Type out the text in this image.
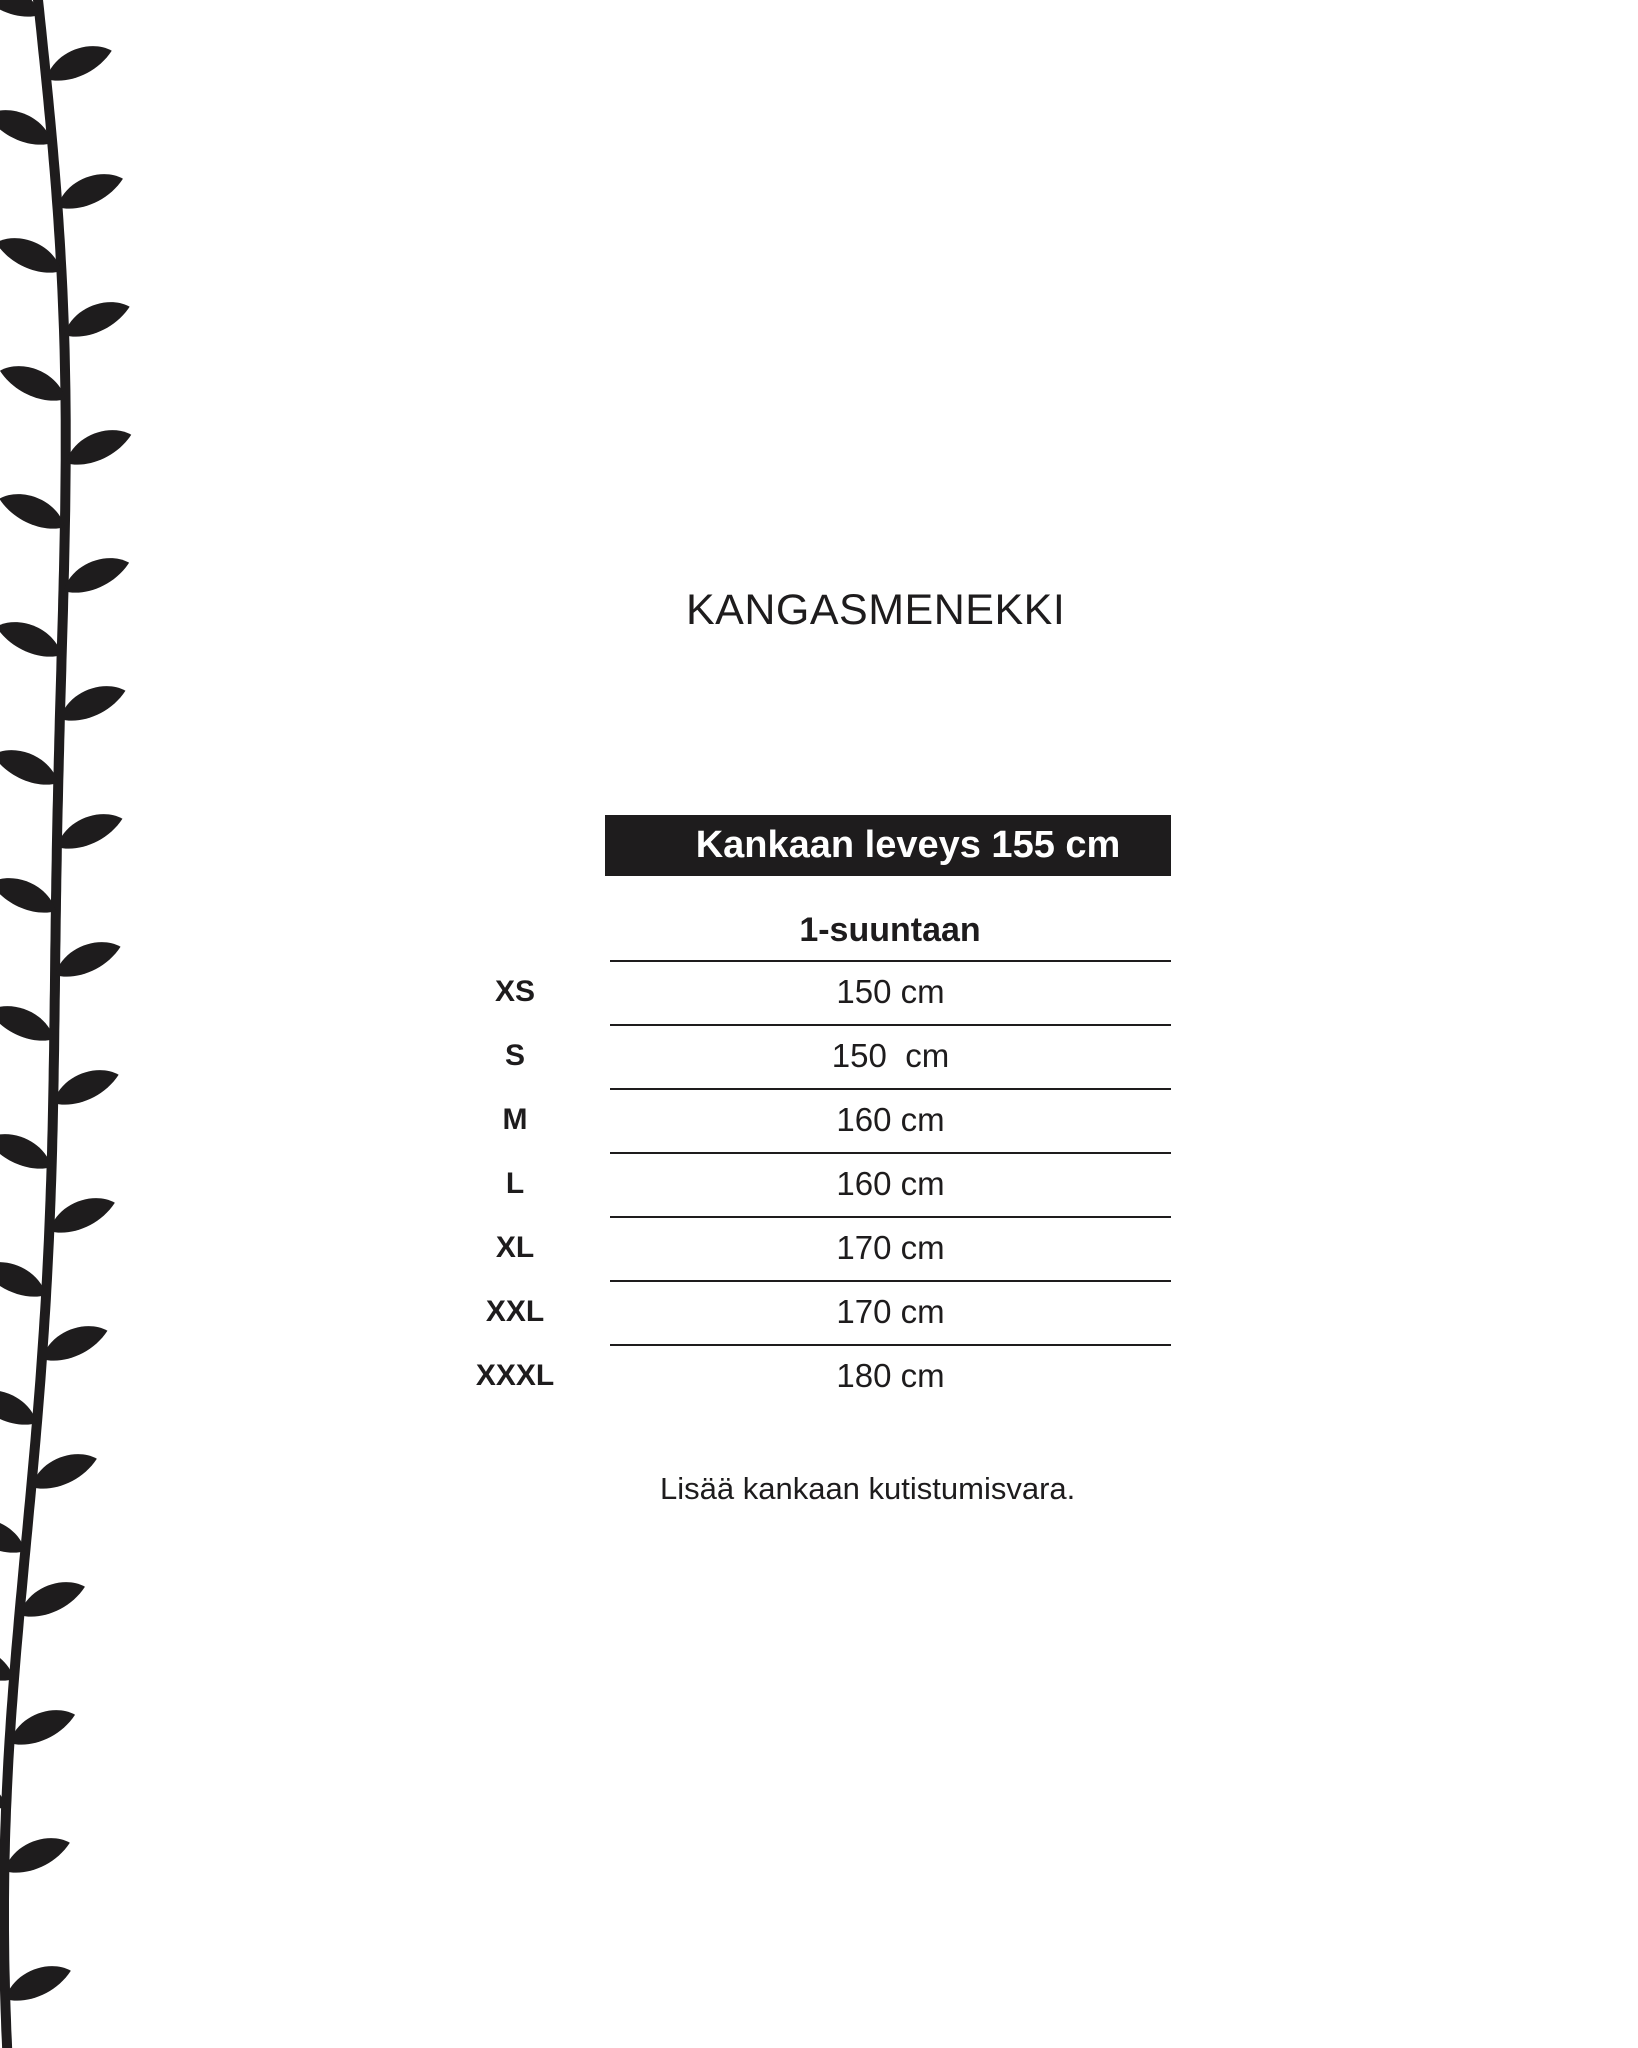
KANGASMENEKKI
Kankaan leveys 155 cm
1-suuntaan
XS	150 cm
S	150  cm
M	160 cm
L	160 cm
XL	170 cm
XXL	170 cm
XXXL	180 cm
Lisää kankaan kutistumisvara.
